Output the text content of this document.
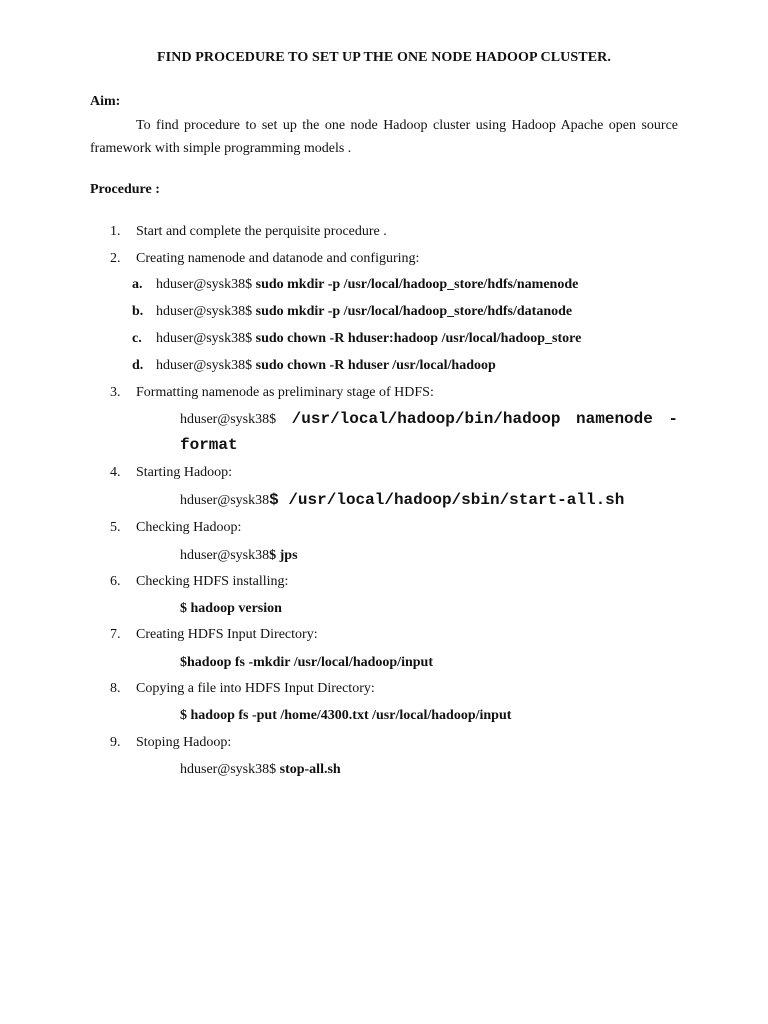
FIND PROCEDURE TO SET UP THE ONE NODE HADOOP CLUSTER.
Aim:
To find procedure to set up the one node Hadoop cluster using Hadoop Apache open source framework with simple programming models .
Procedure :
1. Start and complete the perquisite procedure .
2. Creating namenode and datanode and configuring:
a. hduser@sysk38$ sudo mkdir -p /usr/local/hadoop_store/hdfs/namenode
b. hduser@sysk38$ sudo mkdir -p /usr/local/hadoop_store/hdfs/datanode
c. hduser@sysk38$ sudo chown -R hduser:hadoop /usr/local/hadoop_store
d. hduser@sysk38$ sudo chown -R hduser /usr/local/hadoop
3. Formatting namenode as preliminary stage of HDFS:
hduser@sysk38$ /usr/local/hadoop/bin/hadoop namenode -
format
4. Starting Hadoop:
hduser@sysk38$ /usr/local/hadoop/sbin/start-all.sh
5. Checking Hadoop:
hduser@sysk38$ jps
6. Checking HDFS installing:
$ hadoop version
7. Creating HDFS Input Directory:
$hadoop fs -mkdir /usr/local/hadoop/input
8. Copying a file into HDFS Input Directory:
$ hadoop fs -put /home/4300.txt /usr/local/hadoop/input
9. Stoping Hadoop:
hduser@sysk38$ stop-all.sh
